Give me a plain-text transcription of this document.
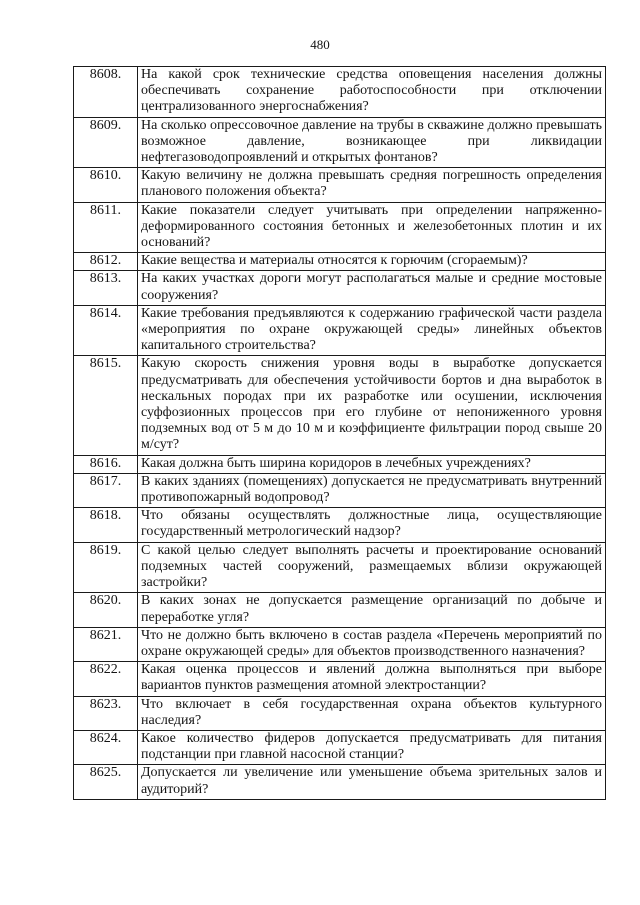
480
8608.	На какой срок технические средства оповещения населения должны обеспечивать сохранение работоспособности при отключении централизованного энергоснабжения?
8609.	На сколько опрессовочное давление на трубы в скважине должно превышать возможное давление, возникающее при ликвидации нефтегазоводопроявлений и открытых фонтанов?
8610.	Какую величину не должна превышать средняя погрешность определения планового положения объекта?
8611.	Какие показатели следует учитывать при определении напряженно-деформированного состояния бетонных и железобетонных плотин и их оснований?
8612.	Какие вещества и материалы относятся к горючим (сгораемым)?
8613.	На каких участках дороги могут располагаться малые и средние мостовые сооружения?
8614.	Какие требования предъявляются к содержанию графической части раздела «мероприятия по охране окружающей среды» линейных объектов капитального строительства?
8615.	Какую скорость снижения уровня воды в выработке допускается предусматривать для обеспечения устойчивости бортов и дна выработок в нескальных породах при их разработке или осушении, исключения суффозионных процессов при его глубине от непониженного уровня подземных вод от 5 м до 10 м и коэффициенте фильтрации пород свыше 20 м/сут?
8616.	Какая должна быть ширина коридоров в лечебных учреждениях?
8617.	В каких зданиях (помещениях) допускается не предусматривать внутренний противопожарный водопровод?
8618.	Что обязаны осуществлять должностные лица, осуществляющие государственный метрологический надзор?
8619.	С какой целью следует выполнять расчеты и проектирование оснований подземных частей сооружений, размещаемых вблизи окружающей застройки?
8620.	В каких зонах не допускается размещение организаций по добыче и переработке угля?
8621.	Что не должно быть включено в состав раздела «Перечень мероприятий по охране окружающей среды» для объектов производственного назначения?
8622.	Какая оценка процессов и явлений должна выполняться при выборе вариантов пунктов размещения атомной электростанции?
8623.	Что включает в себя государственная охрана объектов культурного наследия?
8624.	Какое количество фидеров допускается предусматривать для питания подстанции при главной насосной станции?
8625.	Допускается ли увеличение или уменьшение объема зрительных залов и аудиторий?
